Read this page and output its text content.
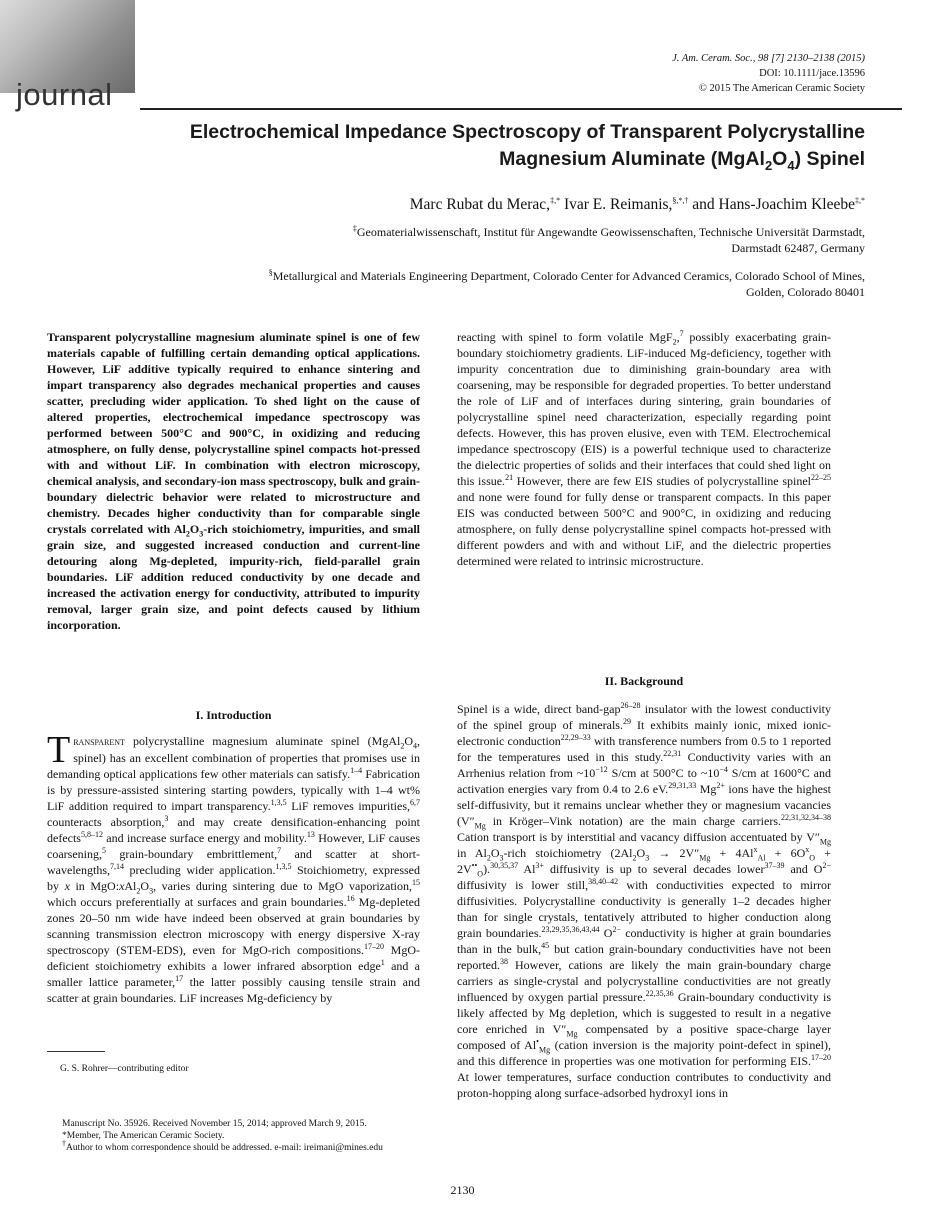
journal
J. Am. Ceram. Soc., 98 [7] 2130–2138 (2015)
DOI: 10.1111/jace.13596
© 2015 The American Ceramic Society
Electrochemical Impedance Spectroscopy of Transparent Polycrystalline
Magnesium Aluminate $(MgAl_2O_4)$ Spinel
Marc Rubat du Merac,‡,* Ivar E. Reimanis,§,*,† and Hans-Joachim Kleebe‡,*
‡Geomaterialwissenschaft, Institut für Angewandte Geowissenschaften, Technische Universität Darmstadt,
Darmstadt 62487, Germany
§Metallurgical and Materials Engineering Department, Colorado Center for Advanced Ceramics, Colorado School of Mines,
Golden, Colorado 80401

Transparent polycrystalline magnesium aluminate spinel is one of few materials capable of fulfilling certain demanding optical applications. However, LiF additive typically required to enhance sintering and impart transparency also degrades mechanical properties and causes scatter, precluding wider application. To shed light on the cause of altered properties, electrochemical impedance spectroscopy was performed between 500°C and 900°C, in oxidizing and reducing atmosphere, on fully dense, polycrystalline spinel compacts hot-pressed with and without LiF. In combination with electron microscopy, chemical analysis, and secondary-ion mass spectroscopy, bulk and grain-boundary dielectric behavior were related to microstructure and chemistry. Decades higher conductivity than for comparable single crystals correlated with $Al_2O_3$-rich stoichiometry, impurities, and small grain size, and suggested increased conduction and current-line detouring along Mg-depleted, impurity-rich, field-parallel grain boundaries. LiF addition reduced conductivity by one decade and increased the activation energy for conductivity, attributed to impurity removal, larger grain size, and point defects caused by lithium incorporation.

I. Introduction

Transparent polycrystalline magnesium aluminate spinel ($MgAl_2O_4$, spinel) has an excellent combination of properties that promises use in demanding optical applications few other materials can satisfy.$^{1-4}$ Fabrication is by pressure-assisted sintering starting powders, typically with 1–4 wt% LiF addition required to impart transparency.$^{1,3,5}$ LiF removes impurities,$^{6,7}$ counteracts absorption,$^3$ and may create densification-enhancing point defects$^{5,8-12}$ and increase surface energy and mobility.$^{13}$ However, LiF causes coarsening,$^5$ grain-boundary embrittlement,$^7$ and scatter at short-wavelengths,$^{7,14}$ precluding wider application.$^{1,3,5}$ Stoichiometry, expressed by x in $MgO:xAl_2O_3$, varies during sintering due to MgO vaporization,$^{15}$ which occurs preferentially at surfaces and grain boundaries.$^{16}$ Mg-depleted zones 20–50 nm wide have indeed been observed at grain boundaries by scanning transmission electron microscopy with energy dispersive X-ray spectroscopy (STEM-EDS), even for MgO-rich compositions.$^{17-20}$ MgO-deficient stoichiometry exhibits a lower infrared absorption edge$^1$ and a smaller lattice parameter,$^{17}$ the latter possibly causing tensile strain and scatter at grain boundaries. LiF increases Mg-deficiency by

reacting with spinel to form volatile MgF$_2$,$^7$ possibly exacerbating grain-boundary stoichiometry gradients. LiF-induced Mg-deficiency, together with impurity concentration due to diminishing grain-boundary area with coarsening, may be responsible for degraded properties. To better understand the role of LiF and of interfaces during sintering, grain boundaries of polycrystalline spinel need characterization, especially regarding point defects. However, this has proven elusive, even with TEM. Electrochemical impedance spectroscopy (EIS) is a powerful technique used to characterize the dielectric properties of solids and their interfaces that could shed light on this issue.$^{21}$ However, there are few EIS studies of polycrystalline spinel$^{22-25}$ and none were found for fully dense or transparent compacts. In this paper EIS was conducted between 500°C and 900°C, in oxidizing and reducing atmosphere, on fully dense polycrystalline spinel compacts hot-pressed with different powders and with and without LiF, and the dielectric properties determined were related to intrinsic microstructure.

II. Background

Spinel is a wide, direct band-gap$^{26-28}$ insulator with the lowest conductivity of the spinel group of minerals.$^{29}$ It exhibits mainly ionic, mixed ionic-electronic conduction$^{22,29-33}$ with transference numbers from 0.5 to 1 reported for the temperatures used in this study.$^{22,31}$ Conductivity varies with an Arrhenius relation from $\sim 10^{-12}$ S/cm at 500°C to $\sim 10^{-4}$ S/cm at 1600°C and activation energies vary from 0.4 to 2.6 eV.$^{29,31,33}$ $Mg^{2+}$ ions have the highest self-diffusivity, but it remains unclear whether they or magnesium vacancies ($V''_{Mg}$ in Kröger–Vink notation) are the main charge carriers.$^{22,31,32,34-38}$ Cation transport is by interstitial and vacancy diffusion accentuated by $V''_{Mg}$ in $Al_2O_3$-rich stoichiometry $(2Al_2O_3 \to 2V''_{Mg} + 4Al^x_{Al} + 6O^x_O + 2V^{••}_O).^{30,35,37}$ $Al^{3+}$ diffusivity is up to several decades lower$^{37-39}$ and $O^{2-}$ diffusivity is lower still,$^{38,40-42}$ with conductivities expected to mirror diffusivities. Polycrystalline conductivity is generally 1–2 decades higher than for single crystals, tentatively attributed to higher conduction along grain boundaries.$^{23,29,35,36,43,44}$ $O^{2-}$ conductivity is higher at grain boundaries than in the bulk,$^{45}$ but cation grain-boundary conductivities have not been reported.$^{38}$ However, cations are likely the main grain-boundary charge carriers as single-crystal and polycrystalline conductivities are not greatly influenced by oxygen partial pressure.$^{22,35,36}$ Grain-boundary conductivity is likely affected by Mg depletion, which is suggested to result in a negative core enriched in $V''_{Mg}$ compensated by a positive space-charge layer composed of $Al^•_{Mg}$ (cation inversion is the majority point-defect in spinel), and this difference in properties was one motivation for performing EIS.$^{17-20}$ At lower temperatures, surface conduction contributes to conductivity and proton-hopping along surface-adsorbed hydroxyl ions in

G. S. Rohrer—contributing editor
Manuscript No. 35926. Received November 15, 2014; approved March 9, 2015.
*Member, The American Ceramic Society.
†Author to whom correspondence should be addressed. e-mail: ireimani@mines.edu
2130
